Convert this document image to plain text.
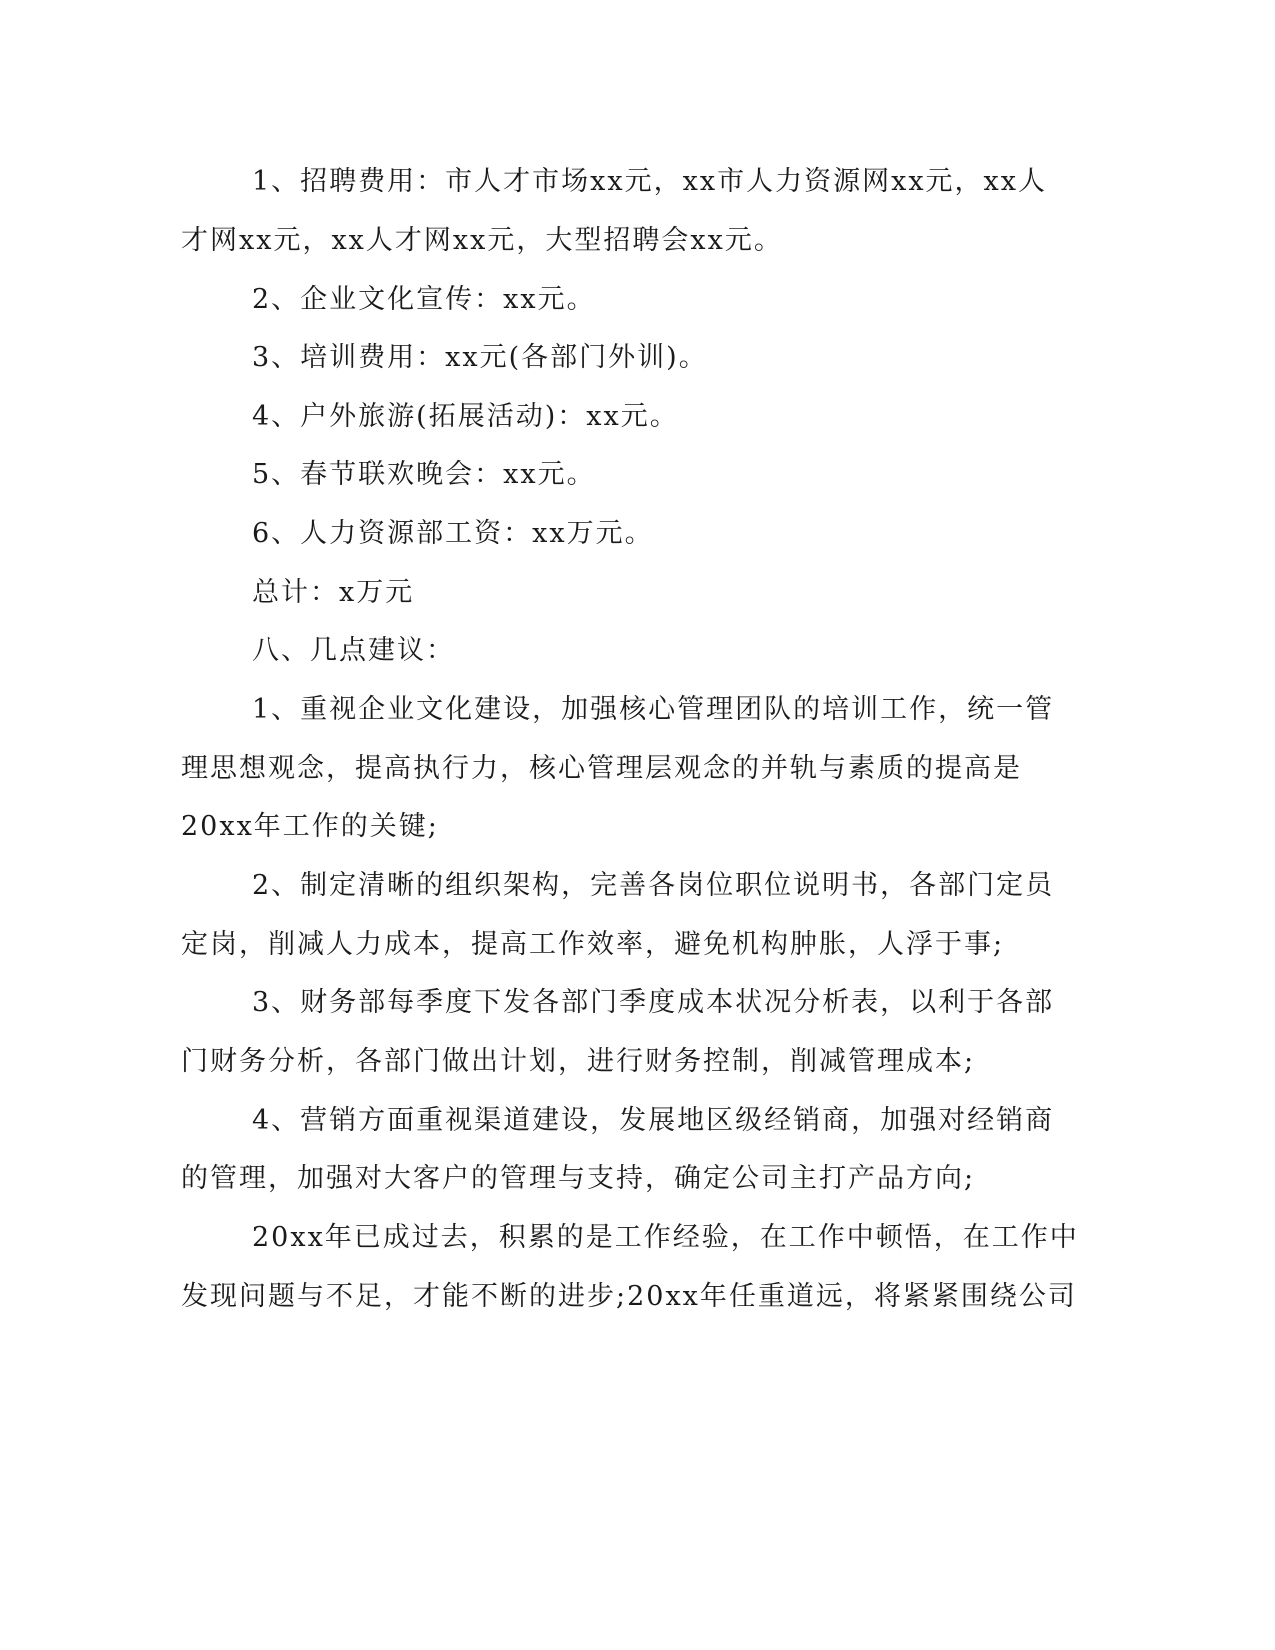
1、招聘费用：市人才市场xx元，xx市人力资源网xx元，xx人
才网xx元，xx人才网xx元，大型招聘会xx元。
2、企业文化宣传：xx元。
3、培训费用：xx元(各部门外训)。
4、户外旅游(拓展活动)：xx元。
5、春节联欢晚会：xx元。
6、人力资源部工资：xx万元。
总计：x万元
八、几点建议：
1、重视企业文化建设，加强核心管理团队的培训工作，统一管
理思想观念，提高执行力，核心管理层观念的并轨与素质的提高是
20xx年工作的关键;
2、制定清晰的组织架构，完善各岗位职位说明书，各部门定员
定岗，削减人力成本，提高工作效率，避免机构肿胀，人浮于事;
3、财务部每季度下发各部门季度成本状况分析表，以利于各部
门财务分析，各部门做出计划，进行财务控制，削减管理成本;
4、营销方面重视渠道建设，发展地区级经销商，加强对经销商
的管理，加强对大客户的管理与支持，确定公司主打产品方向;
20xx年已成过去，积累的是工作经验，在工作中顿悟，在工作中
发现问题与不足，才能不断的进步;20xx年任重道远，将紧紧围绕公司
